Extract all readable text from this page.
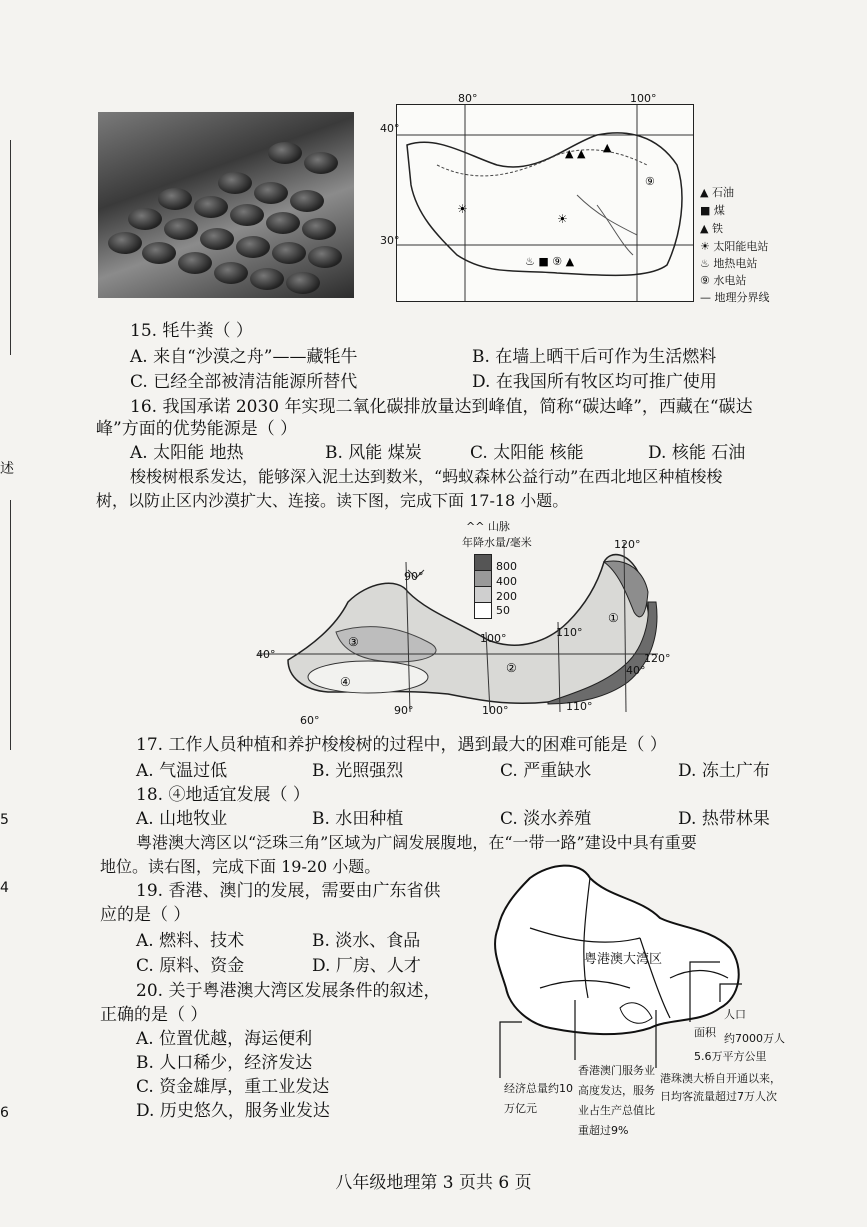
述
5
4
6
▲ ▲ ▲
☀
☀
♨ ■ ⑨ ▲
⑨
40°
30°
80°	100°
▲ 石油
■ 煤
▲ 铁
☀ 太阳能电站
♨ 地热电站
⑨ 水电站
— 地理分界线
15. 牦牛粪（ ）
A. 来自“沙漠之舟”——藏牦牛	B. 在墙上晒干后可作为生活燃料
C. 已经全部被清洁能源所替代	D. 在我国所有牧区均可推广使用
16. 我国承诺 2030 年实现二氧化碳排放量达到峰值，简称“碳达峰”，西藏在“碳达
峰”方面的优势能源是（ ）
A. 太阳能 地热	B. 风能 煤炭	C. 太阳能 核能	D. 核能 石油
梭梭树根系发达，能够深入泥土达到数米，“蚂蚁森林公益行动”在西北地区种植梭梭
树，以防止区内沙漠扩大、连接。读下图，完成下面 17-18 小题。
④
③
②
①
^^ 山脉
年降水量/毫米
800
400
200
50
120°
90°
100°	110°
40°
40°
120°
60°
90°	100°	110°
17. 工作人员种植和养护梭梭树的过程中，遇到最大的困难可能是（ ）
A. 气温过低	B. 光照强烈	C. 严重缺水	D. 冻土广布
18. ④地适宜发展（ ）
A. 山地牧业	B. 水田种植	C. 淡水养殖	D. 热带林果
粤港澳大湾区以“泛珠三角”区域为广阔发展腹地，在“一带一路”建设中具有重要
地位。读右图，完成下面 19-20 小题。
19. 香港、澳门的发展，需要由广东省供
应的是（ ）
A. 燃料、技术	B. 淡水、食品
C. 原料、资金	D. 厂房、人才
20. 关于粤港澳大湾区发展条件的叙述，
正确的是（ ）
A. 位置优越，海运便利
B. 人口稀少，经济发达
C. 资金雄厚，重工业发达
D. 历史悠久，服务业发达
粤港澳大湾区
人口
约7000万人
面积
5.6万平方公里
港珠澳大桥自开通以来，
日均客流量超过7万人次
香港澳门服务业
高度发达，服务
业占生产总值比
重超过9%
经济总量约10
万亿元
八年级地理第 3 页共 6 页
